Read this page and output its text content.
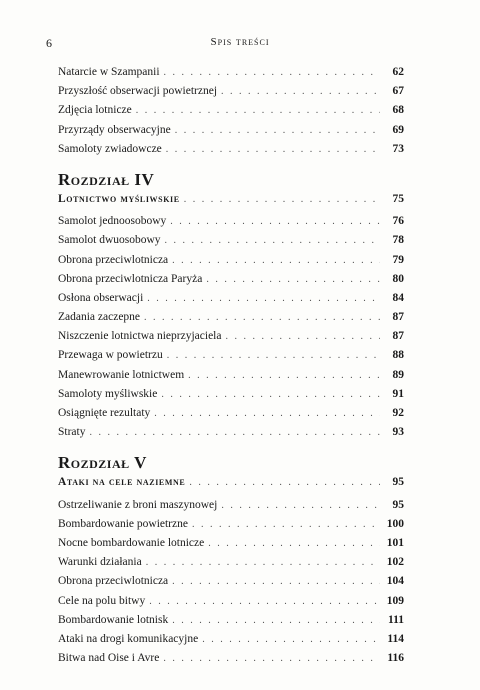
6	Spis treści
Natarcie w Szampanii . . .	62
Przyszłość obserwacji powietrznej . . .	67
Zdjęcia lotnicze . . .	68
Przyrządy obserwacyjne . . .	69
Samoloty zwiadowcze . . .	73
Rozdział IV
Lotnictwo myśliwskie . . .	75
Samolot jednoosobowy . . .	76
Samolot dwuosobowy . . .	78
Obrona przeciwlotnicza . . .	79
Obrona przeciwlotnicza Paryża . . .	80
Osłona obserwacji . . .	84
Zadania zaczepne . . .	87
Niszczenie lotnictwa nieprzyjaciela . . .	87
Przewaga w powietrzu . . .	88
Manewrowanie lotnictwem . . .	89
Samoloty myśliwskie . . .	91
Osiągnięte rezultaty . . .	92
Straty . . .	93
Rozdział V
Ataki na cele naziemne . . .	95
Ostrzeliwanie z broni maszynowej . . .	95
Bombardowanie powietrzne . . .	100
Nocne bombardowanie lotnicze . . .	101
Warunki działania . . .	102
Obrona przeciwlotnicza . . .	104
Cele na polu bitwy . . .	109
Bombardowanie lotnisk . . .	111
Ataki na drogi komunikacyjne . . .	114
Bitwa nad Oise i Avre . . .	116
